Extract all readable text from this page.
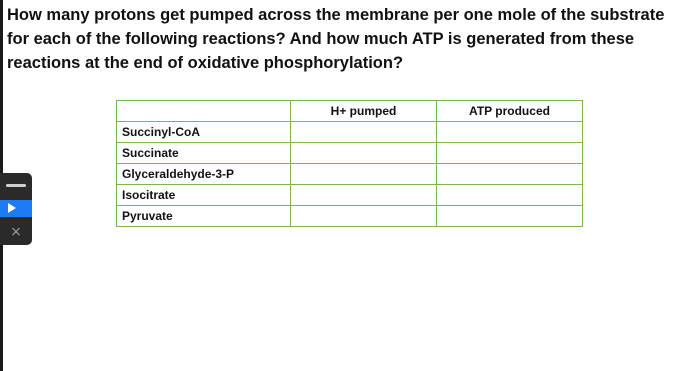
How many protons get pumped across the membrane per one mole of the substrate for each of the following reactions? And how much ATP is generated from these reactions at the end of oxidative phosphorylation?

	H+ pumped	ATP produced
Succinyl-CoA		
Succinate		
Glyceraldehyde-3-P		
Isocitrate		
Pyruvate		
×
